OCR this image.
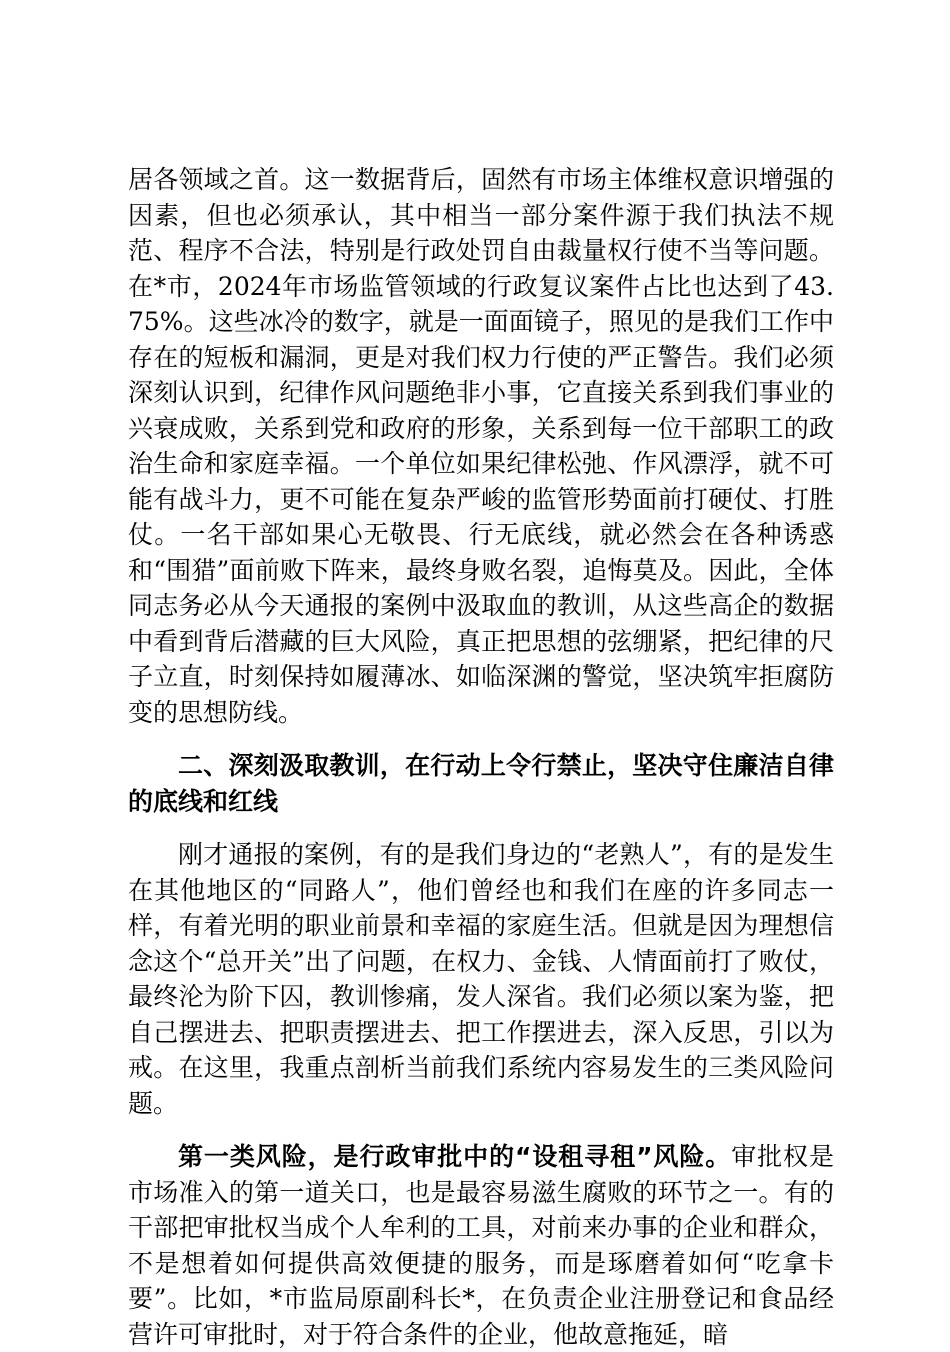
居各领域之首。这一数据背后，固然有市场主体维权意识增强的因素，但也必须承认，其中相当一部分案件源于我们执法不规范、程序不合法，特别是行政处罚自由裁量权行使不当等问题。在*市，2024年市场监管领域的行政复议案件占比也达到了43.75%。这些冰冷的数字，就是一面面镜子，照见的是我们工作中存在的短板和漏洞，更是对我们权力行使的严正警告。我们必须深刻认识到，纪律作风问题绝非小事，它直接关系到我们事业的兴衰成败，关系到党和政府的形象，关系到每一位干部职工的政治生命和家庭幸福。一个单位如果纪律松弛、作风漂浮，就不可能有战斗力，更不可能在复杂严峻的监管形势面前打硬仗、打胜仗。一名干部如果心无敬畏、行无底线，就必然会在各种诱惑和“围猎”面前败下阵来，最终身败名裂，追悔莫及。因此，全体同志务必从今天通报的案例中汲取血的教训，从这些高企的数据中看到背后潜藏的巨大风险，真正把思想的弦绷紧，把纪律的尺子立直，时刻保持如履薄冰、如临深渊的警觉，坚决筑牢拒腐防变的思想防线。

二、深刻汲取教训，在行动上令行禁止，坚决守住廉洁自律的底线和红线

刚才通报的案例，有的是我们身边的“老熟人”，有的是发生在其他地区的“同路人”，他们曾经也和我们在座的许多同志一样，有着光明的职业前景和幸福的家庭生活。但就是因为理想信念这个“总开关”出了问题，在权力、金钱、人情面前打了败仗，最终沦为阶下囚，教训惨痛，发人深省。我们必须以案为鉴，把自己摆进去、把职责摆进去、把工作摆进去，深入反思，引以为戒。在这里，我重点剖析当前我们系统内容易发生的三类风险问题。

第一类风险，是行政审批中的“设租寻租”风险。审批权是市场准入的第一道关口，也是最容易滋生腐败的环节之一。有的干部把审批权当成个人牟利的工具，对前来办事的企业和群众，不是想着如何提供高效便捷的服务，而是琢磨着如何“吃拿卡要”。比如，*市监局原副科长*，在负责企业注册登记和食品经营许可审批时，对于符合条件的企业，他故意拖延，暗
